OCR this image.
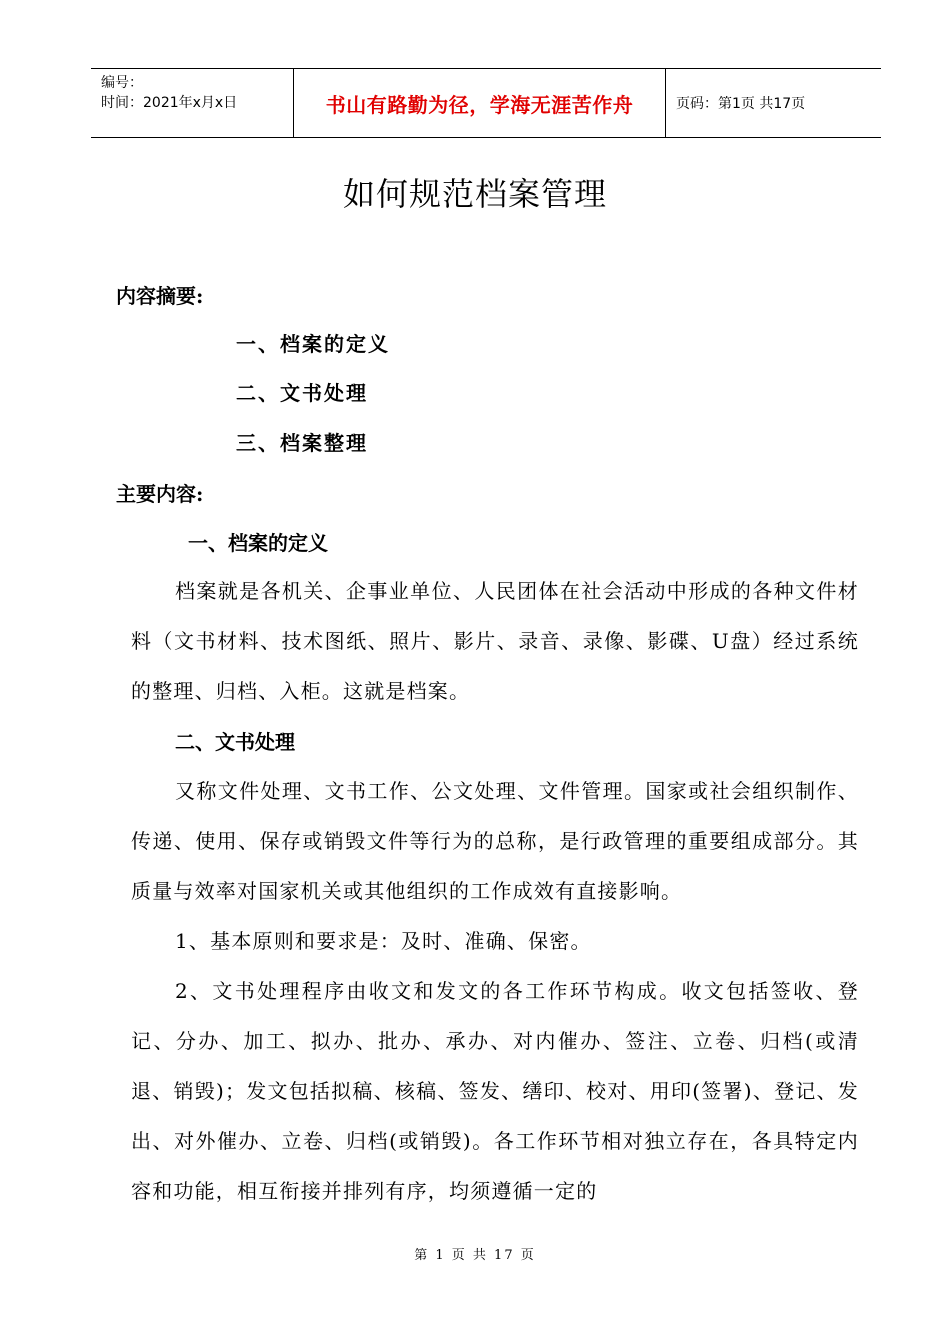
编号：
时间：2021年x月x日	书山有路勤为径，学海无涯苦作舟	页码：第1页 共17页
如何规范档案管理
内容摘要:
一、档案的定义
二、文书处理
三、档案整理
主要内容:
一、档案的定义
档案就是各机关、企事业单位、人民团体在社会活动中形成的各种文件材料（文书材料、技术图纸、照片、影片、录音、录像、影碟、U盘）经过系统的整理、归档、入柜。这就是档案。
二、文书处理
又称文件处理、文书工作、公文处理、文件管理。国家或社会组织制作、传递、使用、保存或销毁文件等行为的总称，是行政管理的重要组成部分。其质量与效率对国家机关或其他组织的工作成效有直接影响。
1、基本原则和要求是：及时、准确、保密。
2、文书处理程序由收文和发文的各工作环节构成。收文包括签收、登记、分办、加工、拟办、批办、承办、对内催办、签注、立卷、归档(或清退、销毁)；发文包括拟稿、核稿、签发、缮印、校对、用印(签署)、登记、发出、对外催办、立卷、归档(或销毁)。各工作环节相对独立存在，各具特定内容和功能，相互衔接并排列有序，均须遵循一定的
第 1 页 共 17 页
